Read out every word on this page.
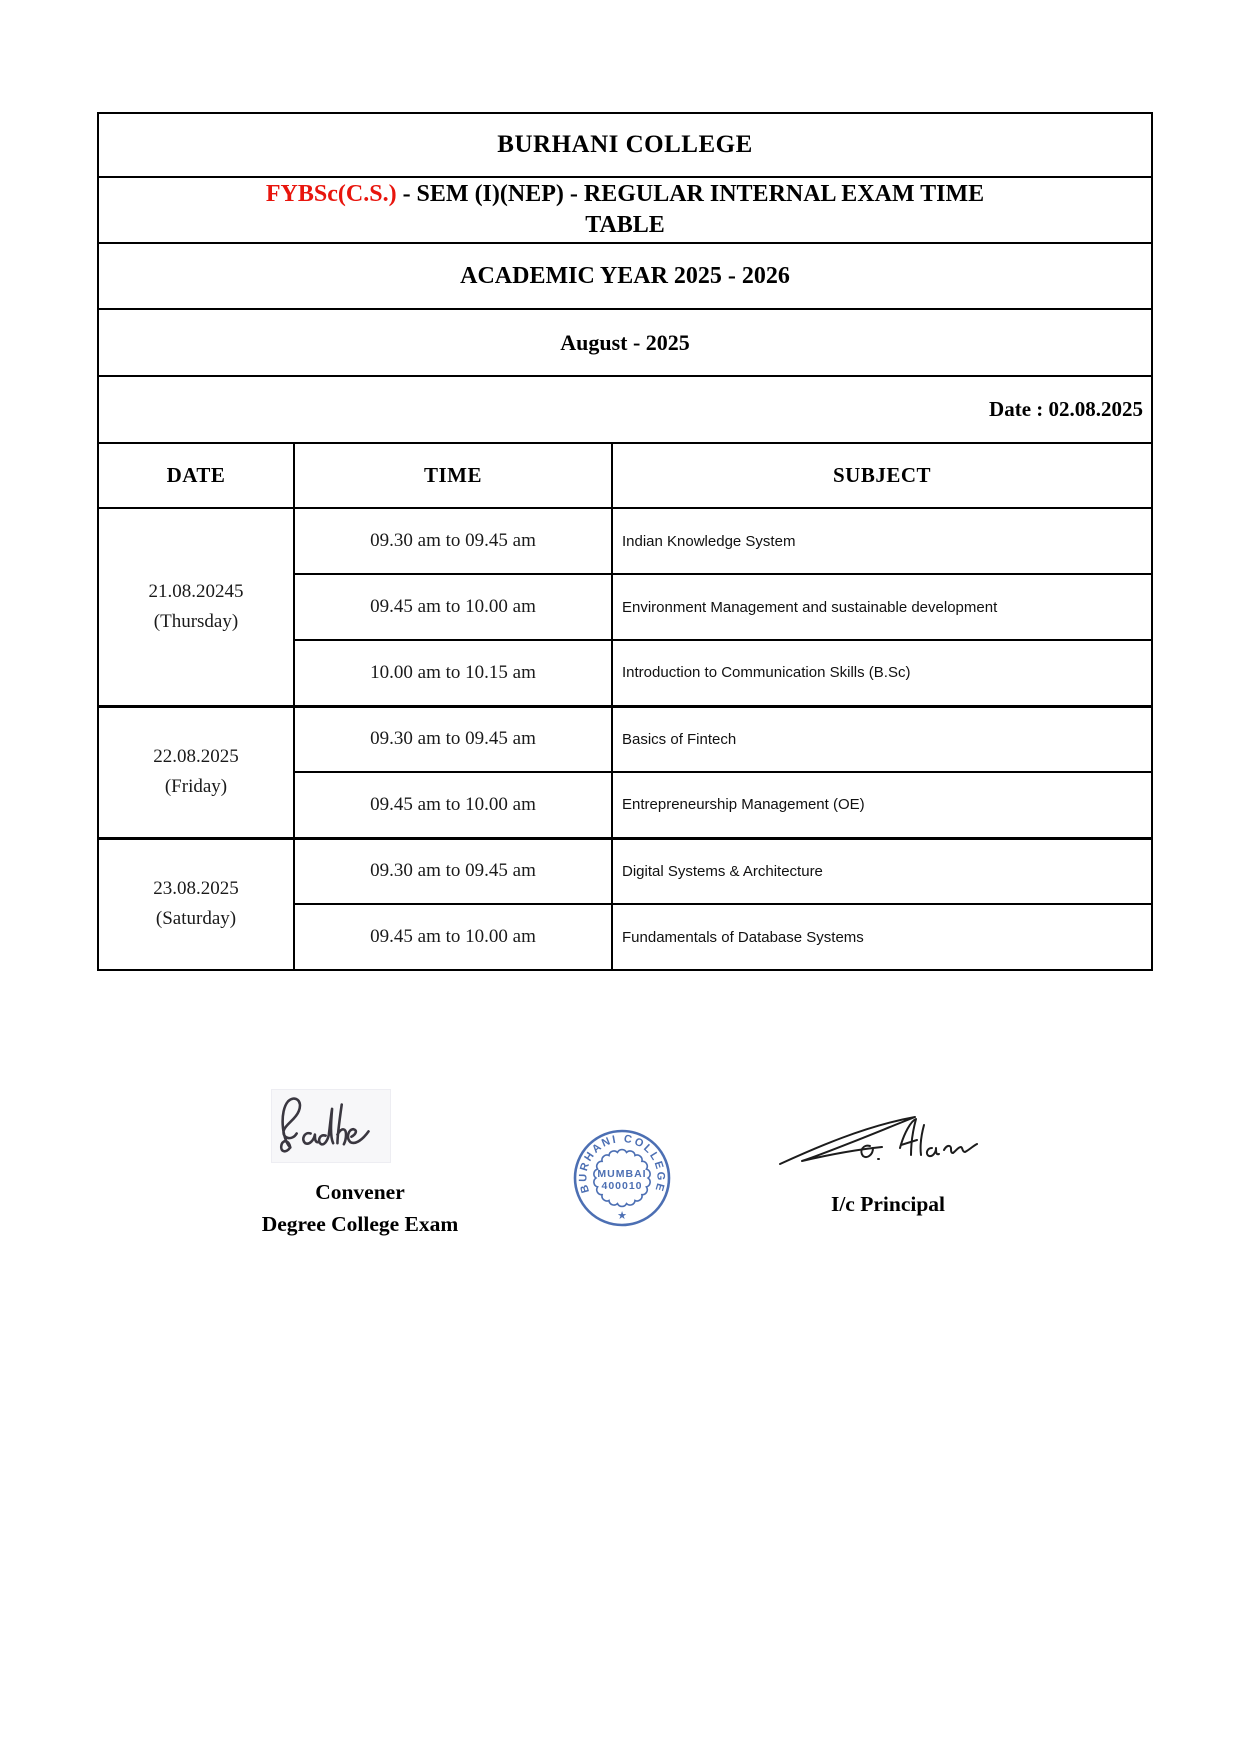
BURHANI COLLEGE		
FYBSc(C.S.) - SEM (I)(NEP) - REGULAR INTERNAL EXAM TIME
TABLE		
ACADEMIC YEAR 2025 - 2026		
August - 2025		
Date : 02.08.2025		
DATE	TIME	SUBJECT

21.08.20245
(Thursday)	09.30 am to 09.45 am	Indian Knowledge System
	09.45 am to 10.00 am	Environment Management and sustainable development
	10.00 am to 10.15 am	Introduction to Communication Skills (B.Sc)

22.08.2025
(Friday)	09.30 am to 09.45 am	Basics of Fintech
	09.45 am to 10.00 am	Entrepreneurship Management (OE)

23.08.2025
(Saturday)	09.30 am to 09.45 am	Digital Systems & Architecture
	09.45 am to 10.00 am	Fundamentals of Database Systems
Convener
Degree College Exam
BURHANI COLLEGE
MUMBAI
400010
★	I/c Principal
